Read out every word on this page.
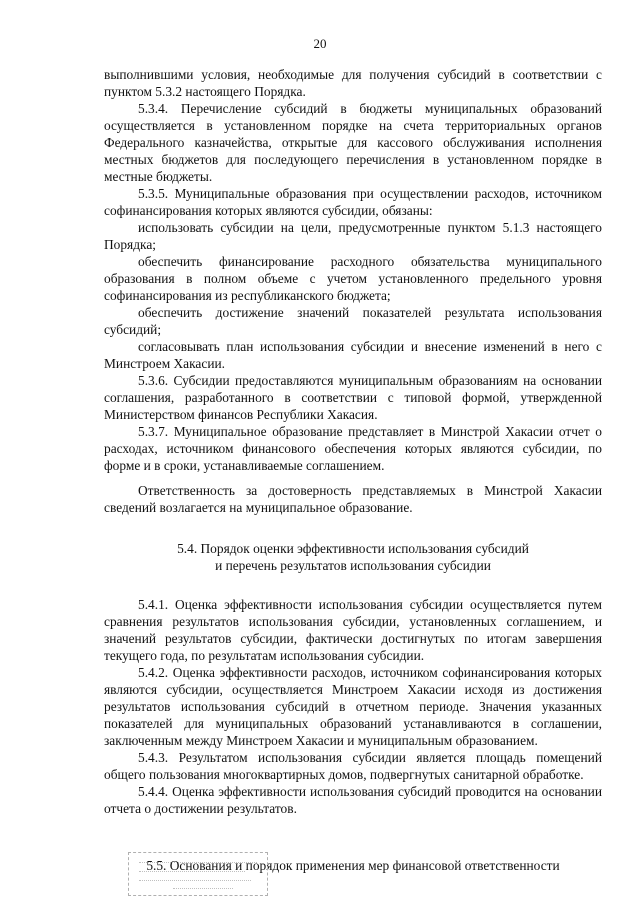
20

выполнившими условия, необходимые для получения субсидий в соответствии с пунктом 5.3.2 настоящего Порядка.

5.3.4. Перечисление субсидий в бюджеты муниципальных образований осуществляется в установленном порядке на счета территориальных органов Федерального казначейства, открытые для кассового обслуживания исполнения местных бюджетов для последующего перечисления в установленном порядке в местные бюджеты.

5.3.5. Муниципальные образования при осуществлении расходов, источником софинансирования которых являются субсидии, обязаны:

использовать субсидии на цели, предусмотренные пунктом 5.1.3 настоящего Порядка;

обеспечить финансирование расходного обязательства муниципального образования в полном объеме с учетом установленного предельного уровня софинансирования из республиканского бюджета;

обеспечить достижение значений показателей результата использования субсидий;

согласовывать план использования субсидии и внесение изменений в него с Минстроем Хакасии.

5.3.6. Субсидии предоставляются муниципальным образованиям на основании соглашения, разработанного в соответствии с типовой формой, утвержденной Министерством финансов Республики Хакасия.

5.3.7. Муниципальное образование представляет в Минстрой Хакасии отчет о расходах, источником финансового обеспечения которых являются субсидии, по форме и в сроки, устанавливаемые соглашением.

Ответственность за достоверность представляемых в Минстрой Хакасии сведений возлагается на муниципальное образование.

5.4. Порядок оценки эффективности использования субсидий
и перечень результатов использования субсидии

5.4.1. Оценка эффективности использования субсидии осуществляется путем сравнения результатов использования субсидии, установленных соглашением, и значений результатов субсидии, фактически достигнутых по итогам завершения текущего года, по результатам использования субсидии.

5.4.2. Оценка эффективности расходов, источником софинансирования которых являются субсидии, осуществляется Минстроем Хакасии исходя из достижения результатов использования субсидий в отчетном периоде. Значения указанных показателей для муниципальных образований устанавливаются в соглашении, заключенным между Минстроем Хакасии и муниципальным образованием.

5.4.3. Результатом использования субсидии является площадь помещений общего пользования многоквартирных домов, подвергнутых санитарной обработке.

5.4.4. Оценка эффективности использования субсидий проводится на основании отчета о достижении результатов.

5.5. Основания и порядок применения мер финансовой ответственности
